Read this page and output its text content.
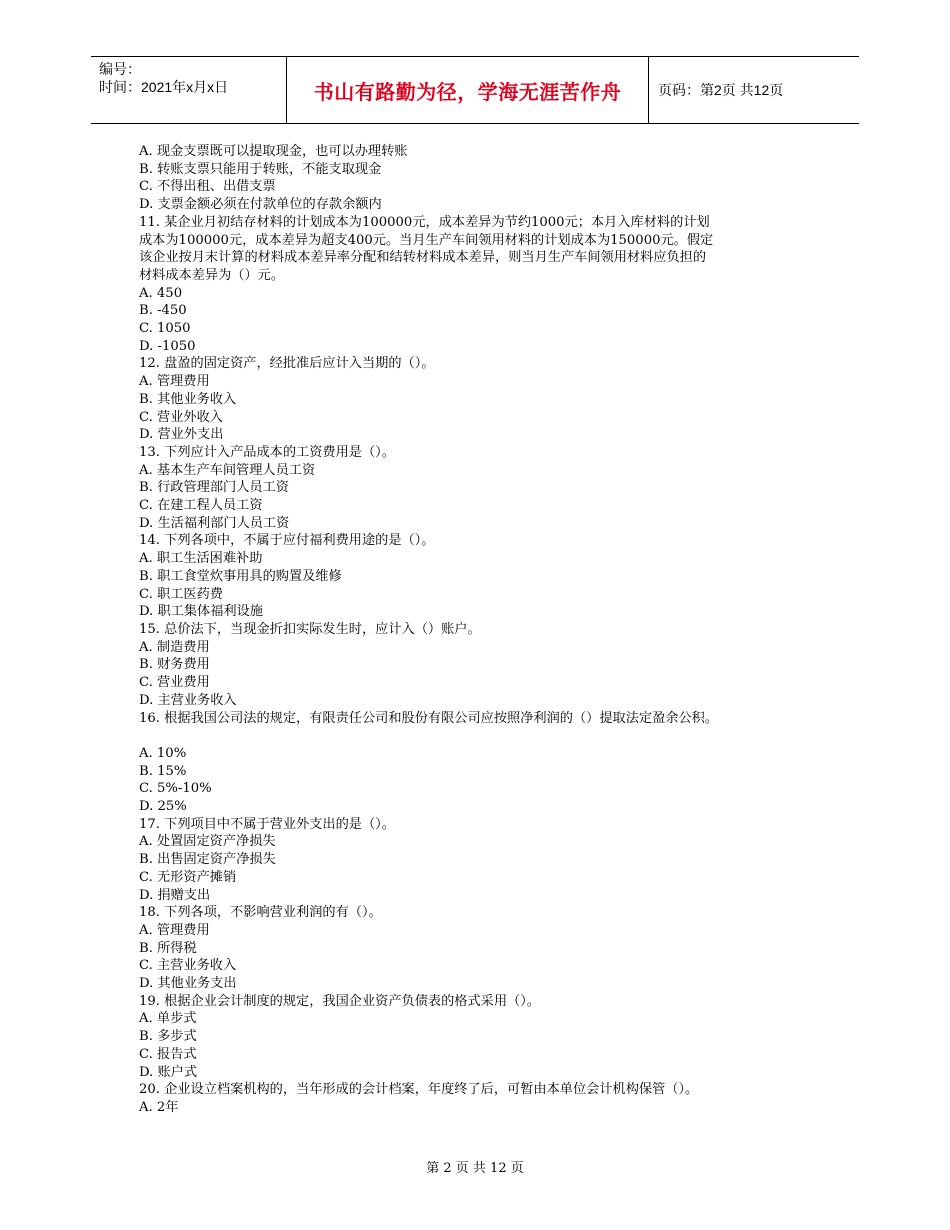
编号：
时间：2021年x月x日	书山有路勤为径，学海无涯苦作舟	页码：第2页 共12页
A. 现金支票既可以提取现金，也可以办理转账
B. 转账支票只能用于转账，不能支取现金
C. 不得出租、出借支票
D. 支票金额必须在付款单位的存款余额内
11. 某企业月初结存材料的计划成本为100000元，成本差异为节约1000元；本月入库材料的计划
成本为100000元，成本差异为超支400元。当月生产车间领用材料的计划成本为150000元。假定
该企业按月末计算的材料成本差异率分配和结转材料成本差异，则当月生产车间领用材料应负担的
材料成本差异为（）元。
A. 450
B. -450
C. 1050
D. -1050
12. 盘盈的固定资产，经批准后应计入当期的（）。
A. 管理费用
B. 其他业务收入
C. 营业外收入
D. 营业外支出
13. 下列应计入产品成本的工资费用是（）。
A. 基本生产车间管理人员工资
B. 行政管理部门人员工资
C. 在建工程人员工资
D. 生活福利部门人员工资
14. 下列各项中，不属于应付福利费用途的是（）。
A. 职工生活困难补助
B. 职工食堂炊事用具的购置及维修
C. 职工医药费
D. 职工集体福利设施
15. 总价法下，当现金折扣实际发生时，应计入（）账户。
A. 制造费用
B. 财务费用
C. 营业费用
D. 主营业务收入
16. 根据我国公司法的规定，有限责任公司和股份有限公司应按照净利润的（）提取法定盈余公积。
A. 10%
B. 15%
C. 5%-10%
D. 25%
17. 下列项目中不属于营业外支出的是（）。
A. 处置固定资产净损失
B. 出售固定资产净损失
C. 无形资产摊销
D. 捐赠支出
18. 下列各项，不影响营业利润的有（）。
A. 管理费用
B. 所得税
C. 主营业务收入
D. 其他业务支出
19. 根据企业会计制度的规定，我国企业资产负债表的格式采用（）。
A. 单步式
B. 多步式
C. 报告式
D. 账户式
20. 企业设立档案机构的，当年形成的会计档案，年度终了后，可暂由本单位会计机构保管（）。
A. 2年
第 2 页 共 12 页
